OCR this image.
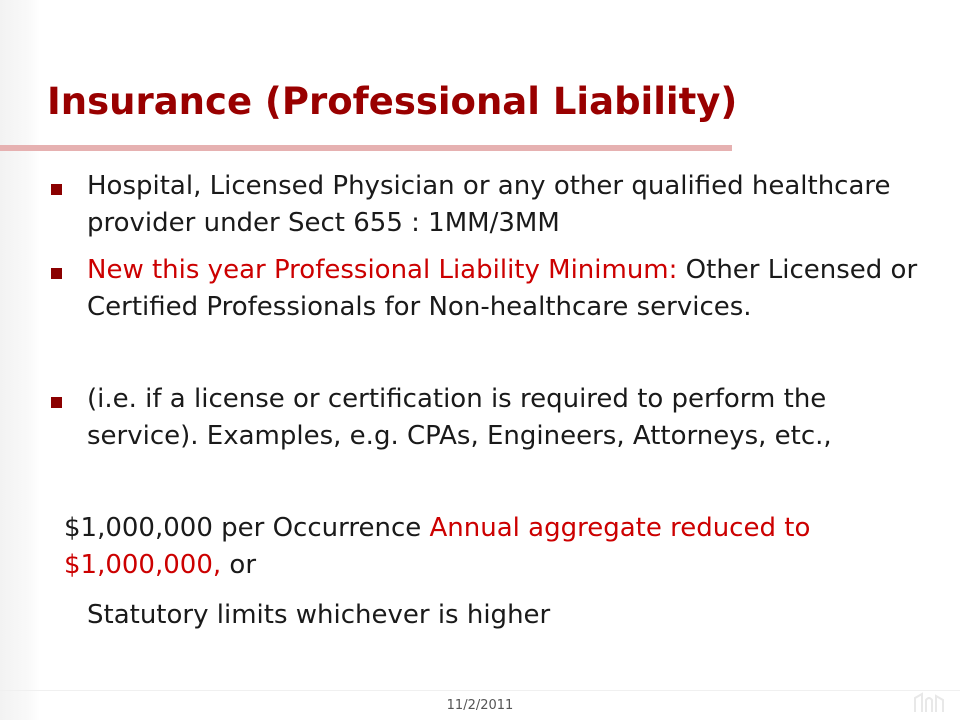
Insurance (Professional Liability)

Hospital, Licensed Physician or any other qualified healthcare provider under Sect 655 : 1MM/3MM

New this year Professional Liability Minimum: Other Licensed or Certified Professionals for Non-healthcare services.

(i.e. if a license or certification is required to perform the service). Examples, e.g. CPAs, Engineers, Attorneys, etc.,

$1,000,000 per Occurrence Annual aggregate reduced to $1,000,000, or

Statutory limits whichever is higher

11/2/2011
